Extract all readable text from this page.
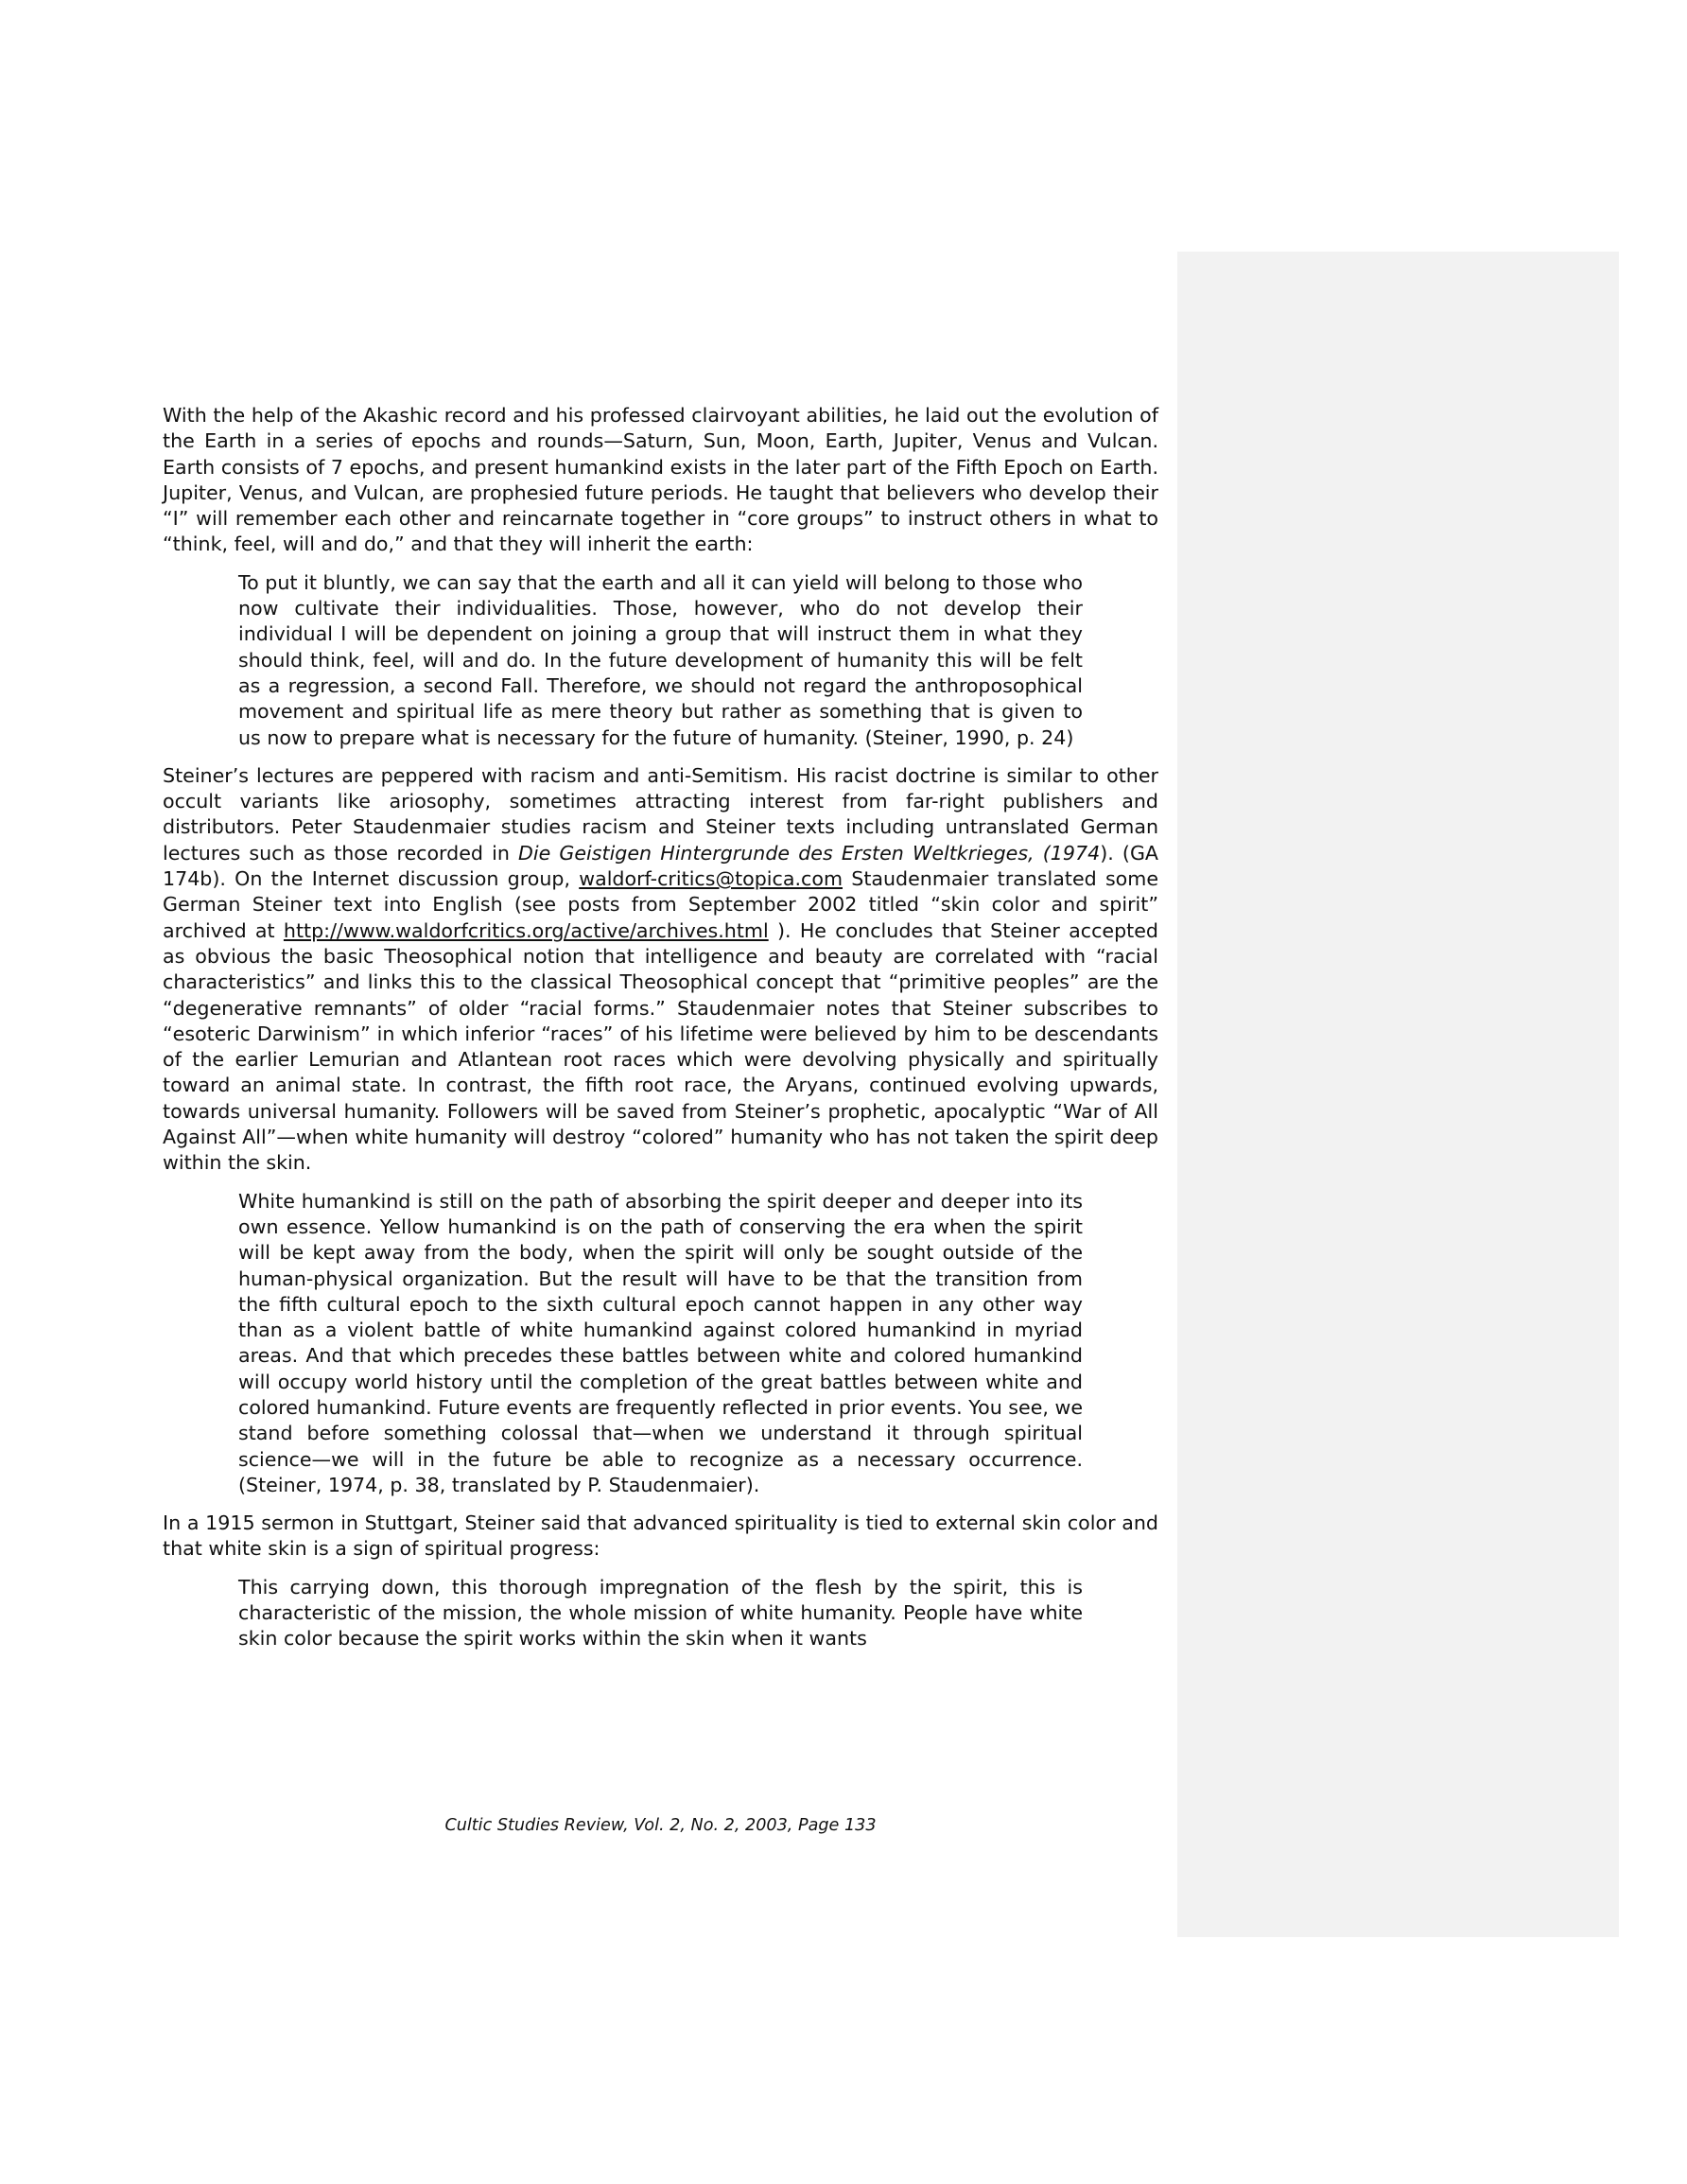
With the help of the Akashic record and his professed clairvoyant abilities, he laid out the evolution of the Earth in a series of epochs and rounds—Saturn, Sun, Moon, Earth, Jupiter, Venus and Vulcan. Earth consists of 7 epochs, and present humankind exists in the later part of the Fifth Epoch on Earth. Jupiter, Venus, and Vulcan, are prophesied future periods. He taught that believers who develop their “I” will remember each other and reincarnate together in “core groups” to instruct others in what to “think, feel, will and do,” and that they will inherit the earth:

To put it bluntly, we can say that the earth and all it can yield will belong to those who now cultivate their individualities. Those, however, who do not develop their individual I will be dependent on joining a group that will instruct them in what they should think, feel, will and do. In the future development of humanity this will be felt as a regression, a second Fall. Therefore, we should not regard the anthroposophical movement and spiritual life as mere theory but rather as something that is given to us now to prepare what is necessary for the future of humanity. (Steiner, 1990, p. 24)

Steiner’s lectures are peppered with racism and anti-Semitism. His racist doctrine is similar to other occult variants like ariosophy, sometimes attracting interest from far-right publishers and distributors. Peter Staudenmaier studies racism and Steiner texts including untranslated German lectures such as those recorded in Die Geistigen Hintergrunde des Ersten Weltkrieges, (1974). (GA 174b). On the Internet discussion group, waldorf-critics@topica.com Staudenmaier translated some German Steiner text into English (see posts from September 2002 titled “skin color and spirit” archived at http://www.waldorfcritics.org/active/archives.html ). He concludes that Steiner accepted as obvious the basic Theosophical notion that intelligence and beauty are correlated with “racial characteristics” and links this to the classical Theosophical concept that “primitive peoples” are the “degenerative remnants” of older “racial forms.” Staudenmaier notes that Steiner subscribes to “esoteric Darwinism” in which inferior “races” of his lifetime were believed by him to be descendants of the earlier Lemurian and Atlantean root races which were devolving physically and spiritually toward an animal state. In contrast, the fifth root race, the Aryans, continued evolving upwards, towards universal humanity. Followers will be saved from Steiner’s prophetic, apocalyptic “War of All Against All”—when white humanity will destroy “colored” humanity who has not taken the spirit deep within the skin.

White humankind is still on the path of absorbing the spirit deeper and deeper into its own essence. Yellow humankind is on the path of conserving the era when the spirit will be kept away from the body, when the spirit will only be sought outside of the human-physical organization. But the result will have to be that the transition from the fifth cultural epoch to the sixth cultural epoch cannot happen in any other way than as a violent battle of white humankind against colored humankind in myriad areas. And that which precedes these battles between white and colored humankind will occupy world history until the completion of the great battles between white and colored humankind. Future events are frequently reflected in prior events. You see, we stand before something colossal that—when we understand it through spiritual science—we will in the future be able to recognize as a necessary occurrence. (Steiner, 1974, p. 38, translated by P. Staudenmaier).

In a 1915 sermon in Stuttgart, Steiner said that advanced spirituality is tied to external skin color and that white skin is a sign of spiritual progress:

This carrying down, this thorough impregnation of the flesh by the spirit, this is characteristic of the mission, the whole mission of white humanity. People have white skin color because the spirit works within the skin when it wants

Cultic Studies Review, Vol. 2, No. 2, 2003, Page 133
